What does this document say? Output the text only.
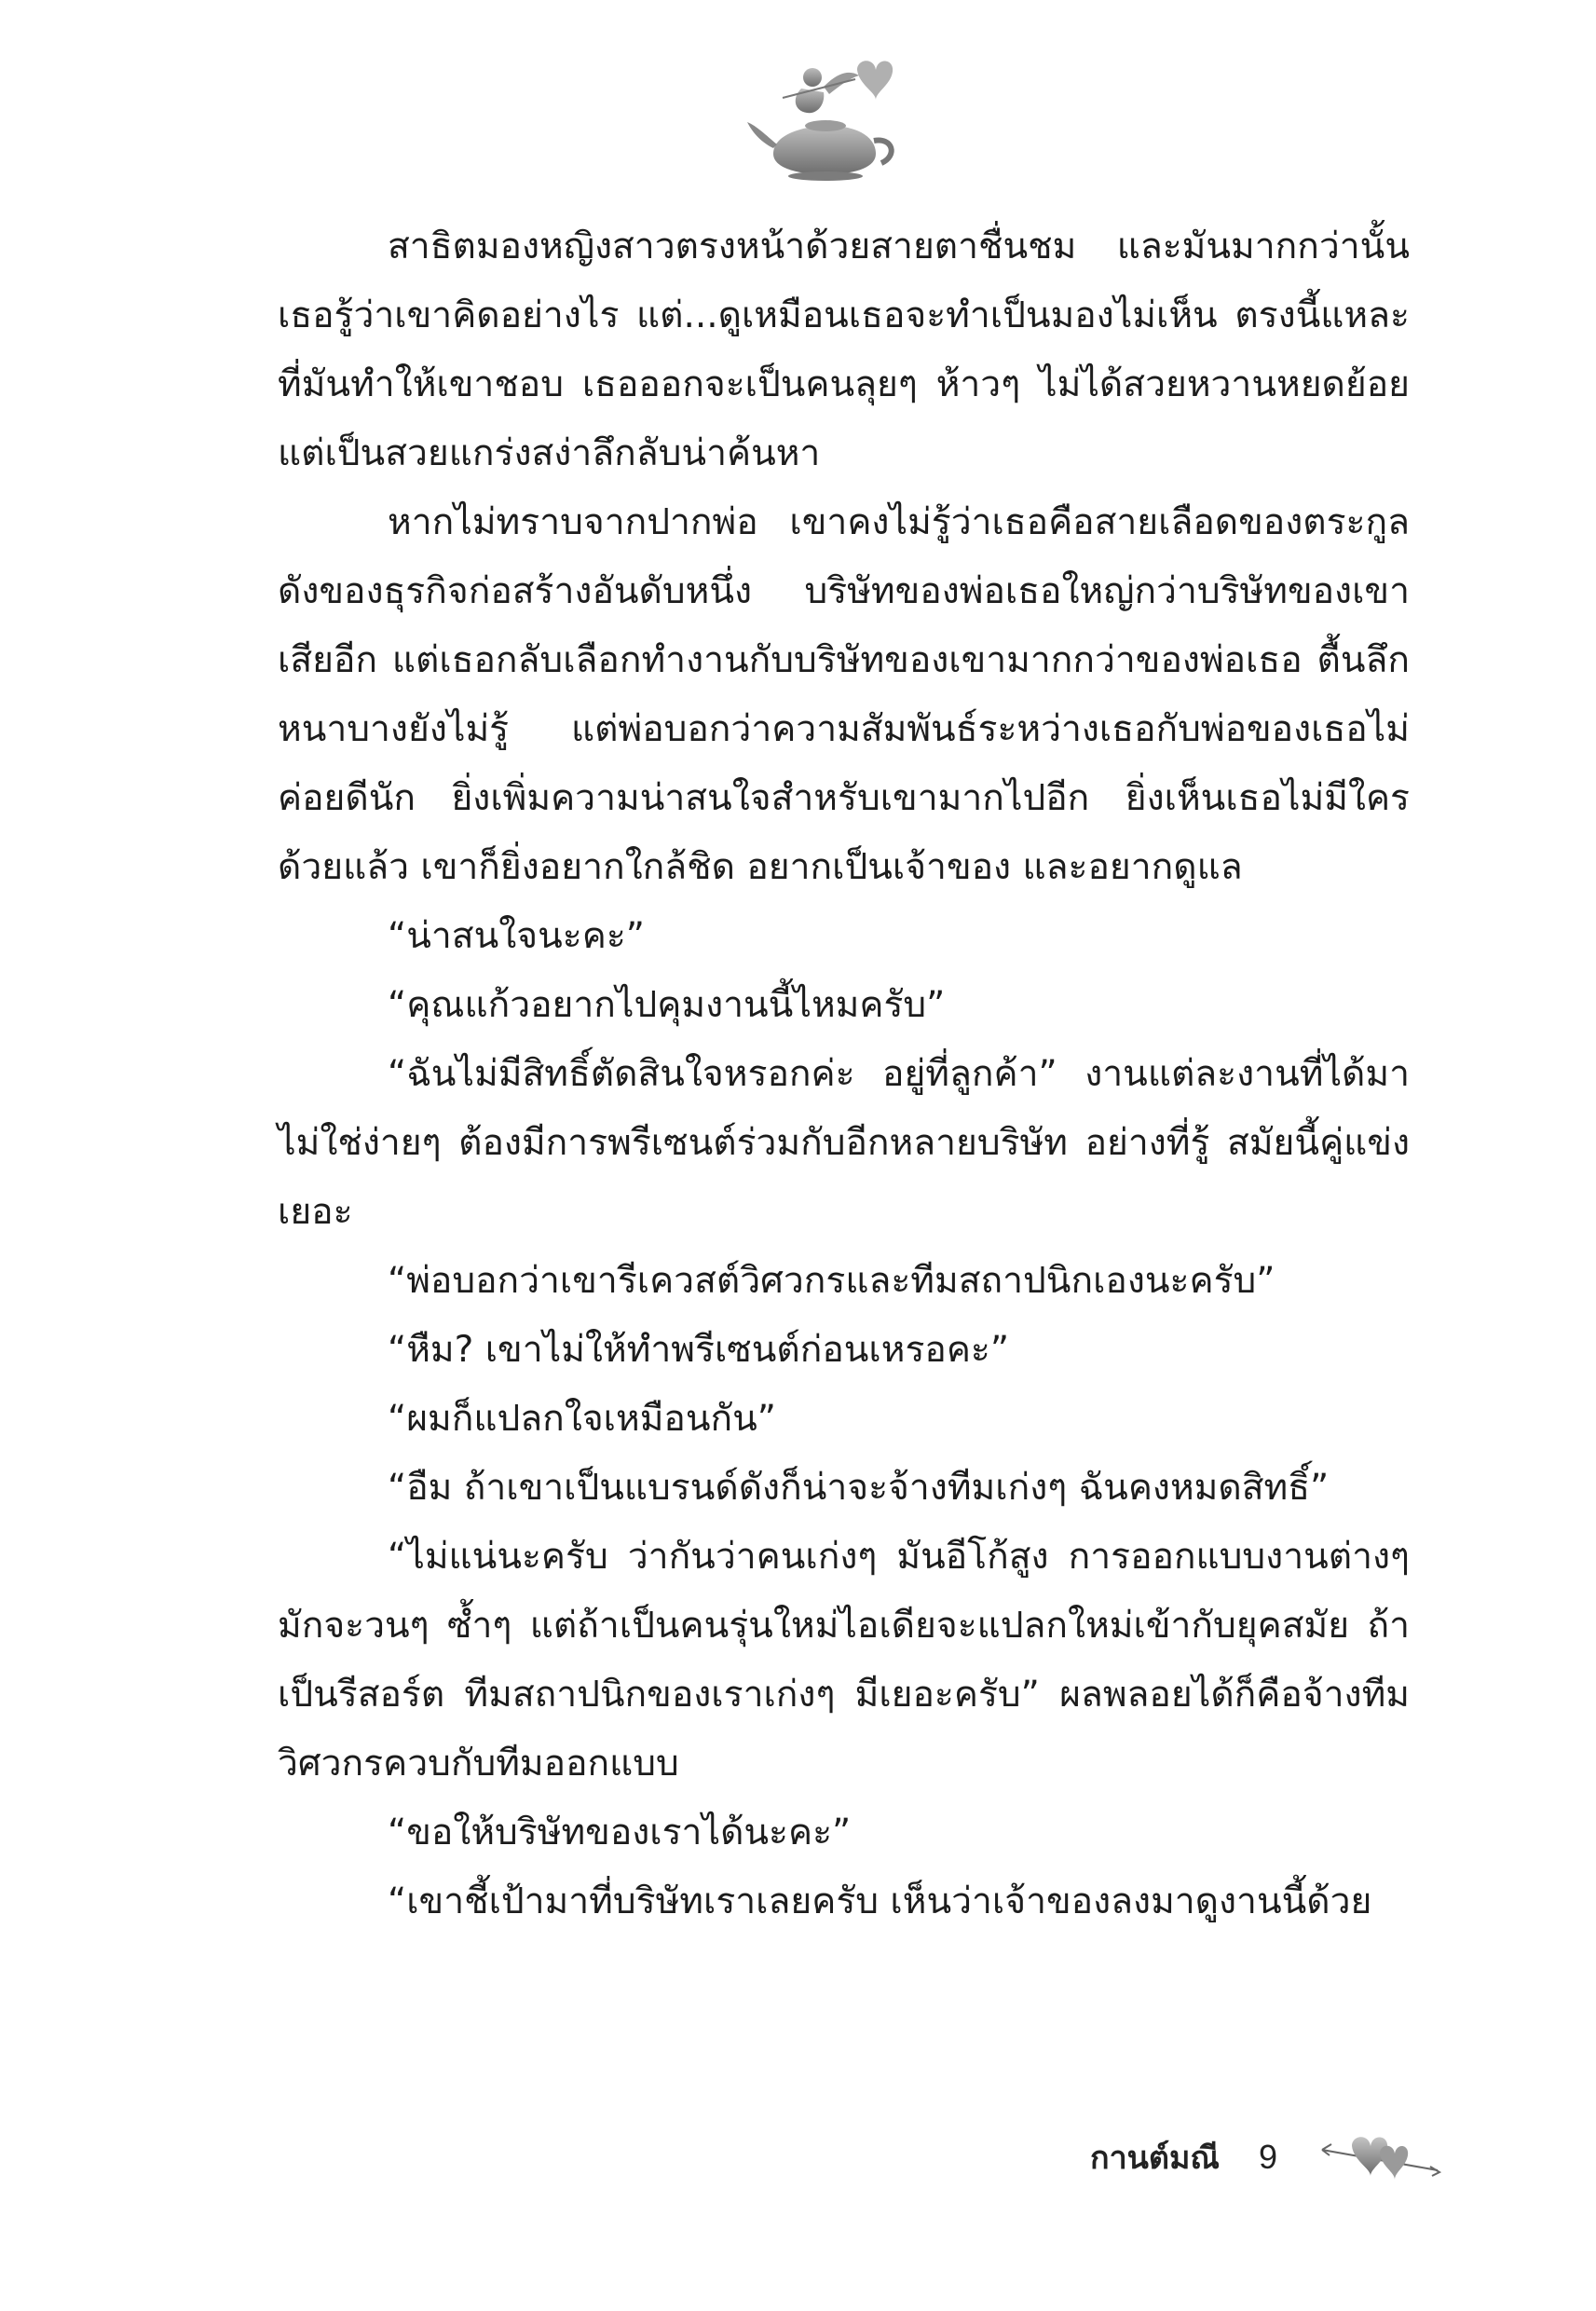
สาธิตมองหญิงสาวตรงหน้าด้วยสายตาชื่นชม และมันมากกว่านั้น เธอรู้ว่าเขาคิดอย่างไร แต่...ดูเหมือนเธอจะทำเป็นมองไม่เห็น ตรงนี้แหละที่มันทำให้เขาชอบ เธอออกจะเป็นคนลุยๆ ห้าวๆ ไม่ได้สวยหวานหยดย้อย แต่เป็นสวยแกร่งสง่าลึกลับน่าค้นหา

หากไม่ทราบจากปากพ่อ เขาคงไม่รู้ว่าเธอคือสายเลือดของตระกูลดังของธุรกิจก่อสร้างอันดับหนึ่ง บริษัทของพ่อเธอใหญ่กว่าบริษัทของเขาเสียอีก แต่เธอกลับเลือกทำงานกับบริษัทของเขามากกว่าของพ่อเธอ ตื้นลึกหนาบางยังไม่รู้ แต่พ่อบอกว่าความสัมพันธ์ระหว่างเธอกับพ่อของเธอไม่ค่อยดีนัก ยิ่งเพิ่มความน่าสนใจสำหรับเขามากไปอีก ยิ่งเห็นเธอไม่มีใครด้วยแล้ว เขาก็ยิ่งอยากใกล้ชิด อยากเป็นเจ้าของ และอยากดูแล

“น่าสนใจนะคะ”

“คุณแก้วอยากไปคุมงานนี้ไหมครับ”

“ฉันไม่มีสิทธิ์ตัดสินใจหรอกค่ะ อยู่ที่ลูกค้า” งานแต่ละงานที่ได้มาไม่ใช่ง่ายๆ ต้องมีการพรีเซนต์ร่วมกับอีกหลายบริษัท อย่างที่รู้ สมัยนี้คู่แข่งเยอะ

“พ่อบอกว่าเขารีเควสต์วิศวกรและทีมสถาปนิกเองนะครับ”

“หืม? เขาไม่ให้ทำพรีเซนต์ก่อนเหรอคะ”

“ผมก็แปลกใจเหมือนกัน”

“อืม ถ้าเขาเป็นแบรนด์ดังก็น่าจะจ้างทีมเก่งๆ ฉันคงหมดสิทธิ์”

“ไม่แน่นะครับ ว่ากันว่าคนเก่งๆ มันอีโก้สูง การออกแบบงานต่างๆ มักจะวนๆ ซ้ำๆ แต่ถ้าเป็นคนรุ่นใหม่ไอเดียจะแปลกใหม่เข้ากับยุคสมัย ถ้าเป็นรีสอร์ต ทีมสถาปนิกของเราเก่งๆ มีเยอะครับ” ผลพลอยได้ก็คือจ้างทีมวิศวกรควบกับทีมออกแบบ

“ขอให้บริษัทของเราได้นะคะ”

“เขาชี้เป้ามาที่บริษัทเราเลยครับ เห็นว่าเจ้าของลงมาดูงานนี้ด้วย

กานต์มณี 9
